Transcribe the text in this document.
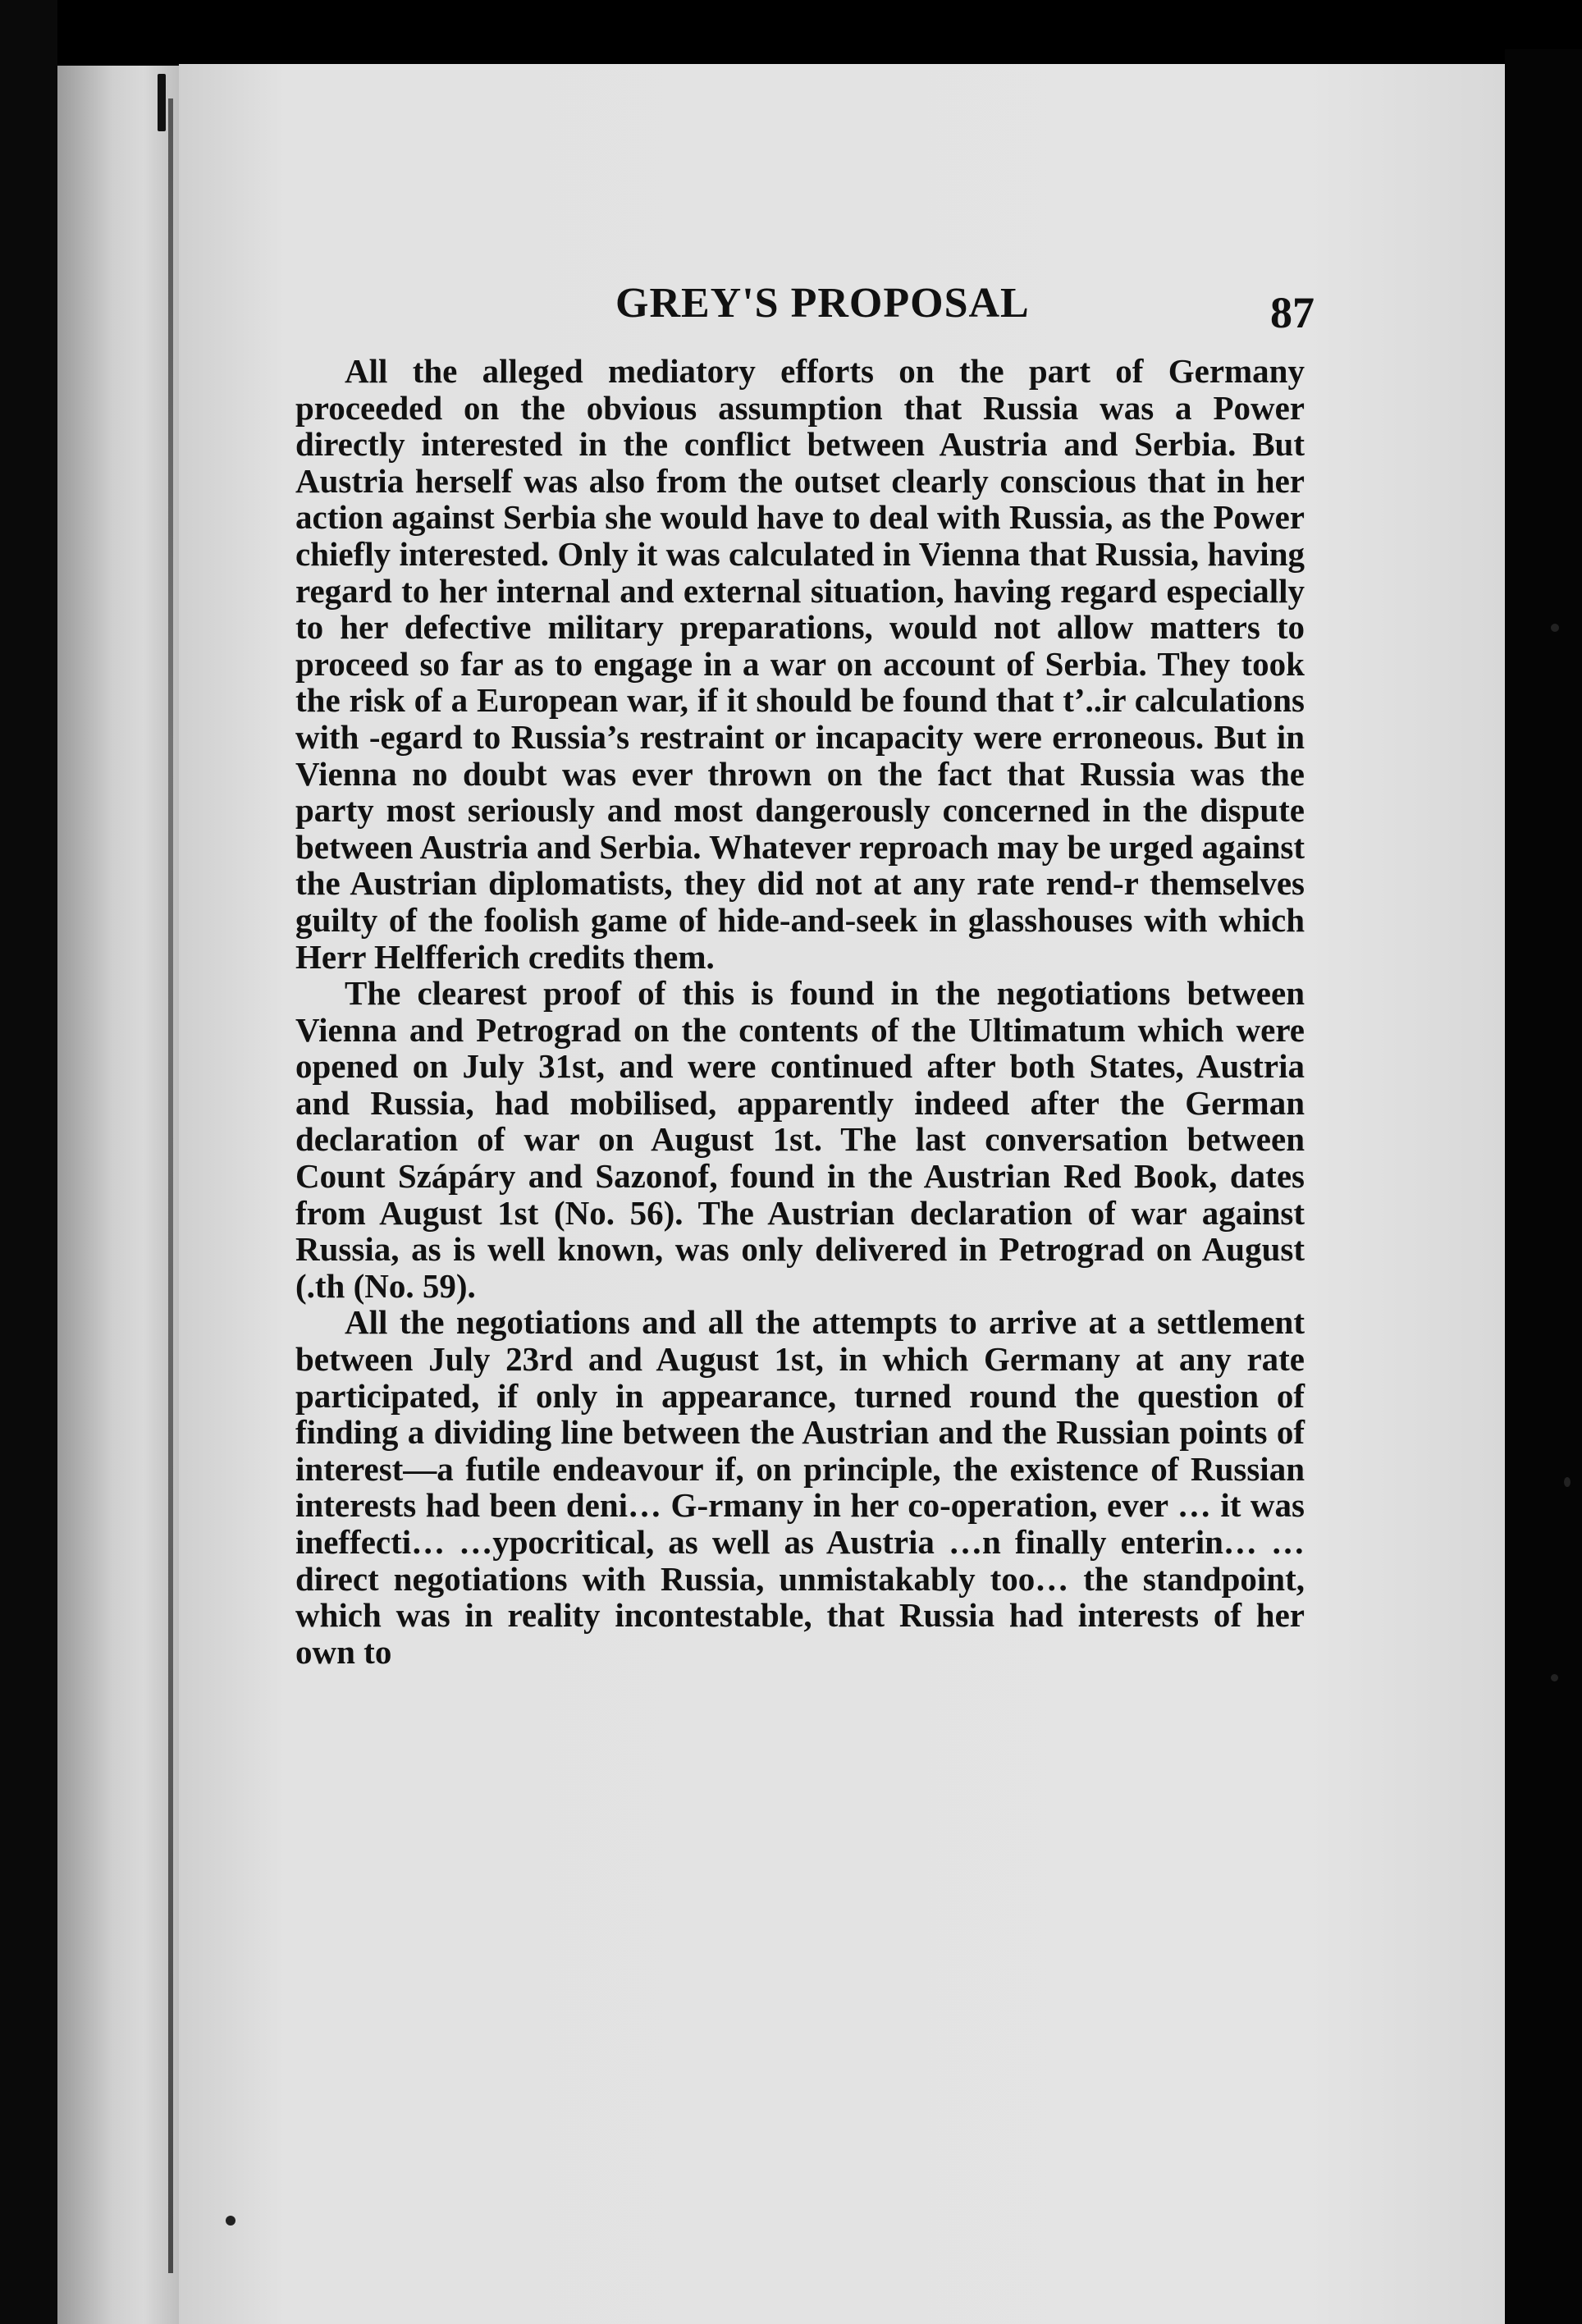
GREY'S PROPOSAL	87

All the alleged mediatory efforts on the part of Germany proceeded on the obvious assumption that Russia was a Power directly interested in the conflict between Austria and Serbia. But Austria herself was also from the outset clearly conscious that in her action against Serbia she would have to deal with Russia, as the Power chiefly interested. Only it was calculated in Vienna that Russia, having regard to her internal and external situation, having regard especially to her defective military preparations, would not allow matters to proceed so far as to engage in a war on account of Serbia. They took the risk of a European war, if it should be found that t’..ir calculations with ‑egard to Russia’s restraint or incapacity were erroneous. But in Vienna no doubt was ever thrown on the fact that Russia was the party most seriously and most dangerously concerned in the dispute between Austria and Serbia. Whatever reproach may be urged against the Austrian diplomatists, they did not at any rate rend‑r themselves guilty of the foolish game of hide-and-seek in glasshouses with which Herr Helfferich credits them.

The clearest proof of this is found in the negotiations between Vienna and Petrograd on the contents of the Ultimatum which were opened on July 31st, and were continued after both States, Austria and Russia, had mobilised, apparently indeed after the German declaration of war on August 1st. The last conversation between Count Szápáry and Sazonof, found in the Austrian Red Book, dates from August 1st (No. 56). The Austrian declaration of war against Russia, as is well known, was only delivered in Petrograd on August (.th (No. 59).

All the negotiations and all the attempts to arrive at a settlement between July 23rd and August 1st, in which Germany at any rate participated, if only in appearance, turned round the question of finding a dividing line between the Austrian and the Russian points of interest—a futile endeavour if, on principle, the existence of Russian interests had been deni… G‑rmany in her co-operation, ever … it was ineffecti… …ypocritical, as well as Austria …n finally enterin… …direct negotiations with Russia, unmistakably too… the standpoint, which was in reality incontestable, that Russia had interests of her own to
